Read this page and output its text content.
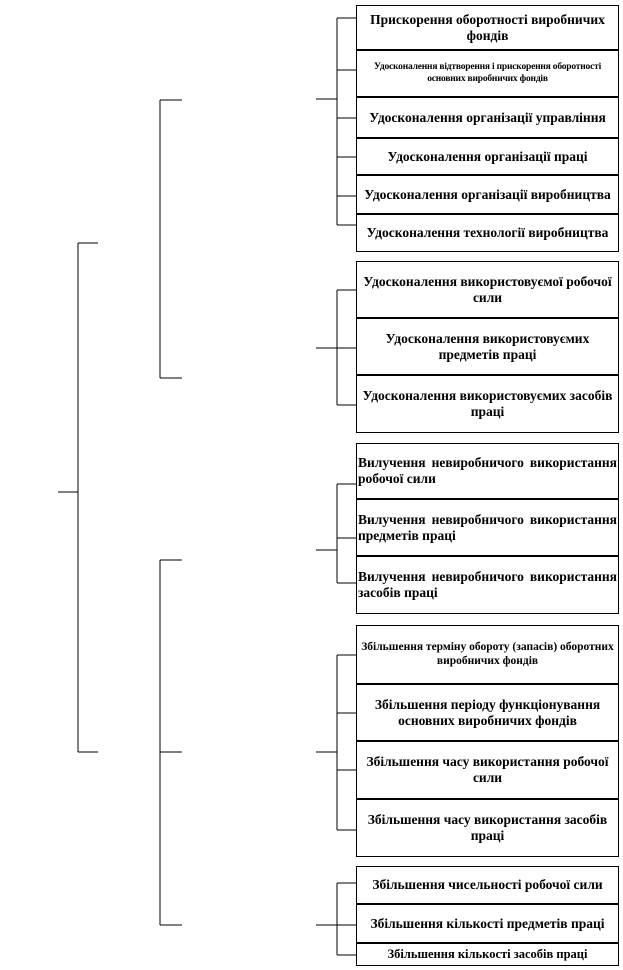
Прискорення оборотності виробничих фондів
Удосконалення відтворення і прискорення оборотності основних виробничих фондів
Удосконалення організації управління
Удосконалення організації праці
Удосконалення організації виробництва
Удосконалення технології виробництва
Удосконалення використовуємої робочої сили
Удосконалення використовуємих предметів праці
Удосконалення використовуємих засобів праці
Вилучення невиробничого використання робочої сили
Вилучення невиробничого використання предметів праці
Вилучення невиробничого використання засобів праці
Збільшення терміну обороту (запасів) оборотних виробничих фондів
Збільшення періоду функціонування основних виробничих фондів
Збільшення часу використання робочої сили
Збільшення часу використання засобів праці
Збільшення чисельності робочої сили
Збільшення кількості предметів праці
Збільшення кількості засобів праці
